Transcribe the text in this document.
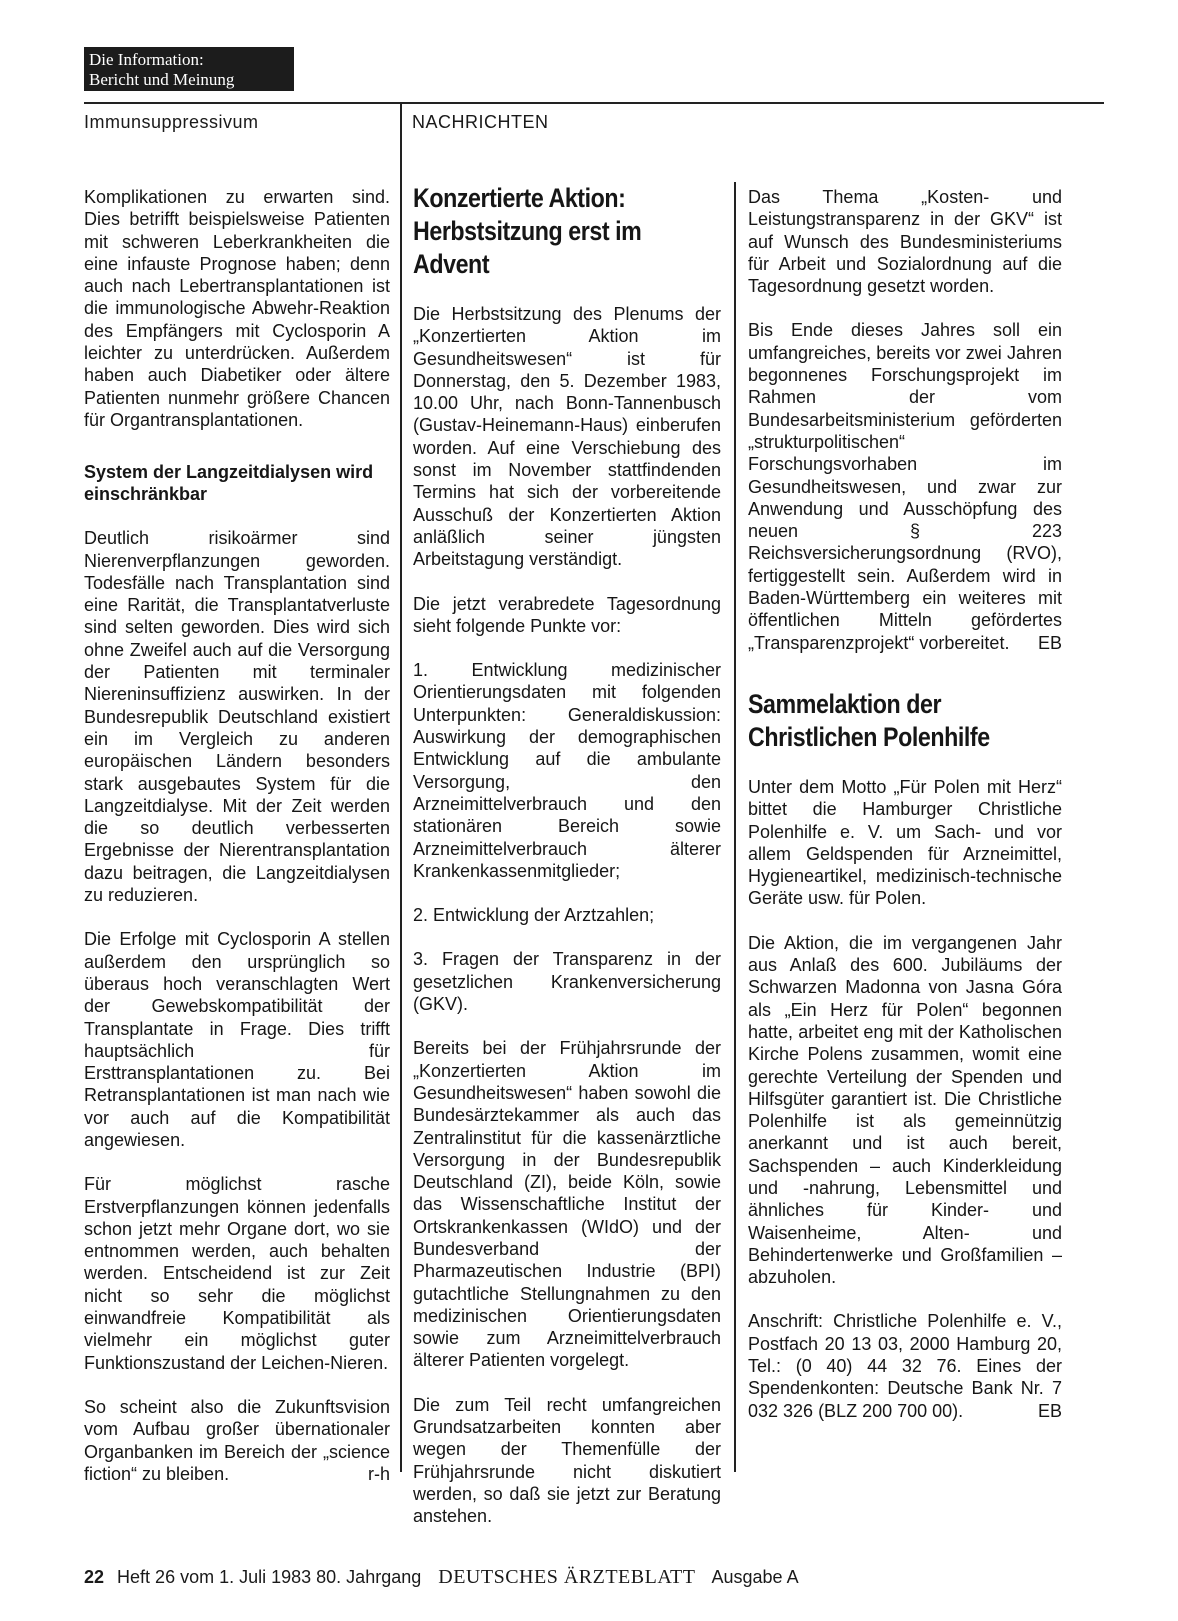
Die Information:
Bericht und Meinung
Immunsuppressivum	NACHRICHTEN

Komplikationen zu erwarten sind. Dies betrifft beispielsweise Patienten mit schweren Leberkrankheiten die eine infauste Prognose haben; denn auch nach Lebertransplantationen ist die immunologische Abwehr-Reaktion des Empfängers mit Cyclosporin A leichter zu unterdrücken. Außerdem haben auch Diabetiker oder ältere Patienten nunmehr größere Chancen für Organtransplantationen.

System der Langzeitdialysen wird einschränkbar

Deutlich risikoärmer sind Nierenverpflanzungen geworden. Todesfälle nach Transplantation sind eine Rarität, die Transplantatverluste sind selten geworden. Dies wird sich ohne Zweifel auch auf die Versorgung der Patienten mit terminaler Niereninsuffizienz auswirken. In der Bundesrepublik Deutschland existiert ein im Vergleich zu anderen europäischen Ländern besonders stark ausgebautes System für die Langzeitdialyse. Mit der Zeit werden die so deutlich verbesserten Ergebnisse der Nierentransplantation dazu beitragen, die Langzeitdialysen zu reduzieren.

Die Erfolge mit Cyclosporin A stellen außerdem den ursprünglich so überaus hoch veranschlagten Wert der Gewebskompatibilität der Transplantate in Frage. Dies trifft hauptsächlich für Ersttransplantationen zu. Bei Retransplantationen ist man nach wie vor auch auf die Kompatibilität angewiesen.

Für möglichst rasche Erstverpflanzungen können jedenfalls schon jetzt mehr Organe dort, wo sie entnommen werden, auch behalten werden. Entscheidend ist zur Zeit nicht so sehr die möglichst einwandfreie Kompatibilität als vielmehr ein möglichst guter Funktionszustand der Leichen-Nieren.

So scheint also die Zukunftsvision vom Aufbau großer übernationaler Organbanken im Bereich der „science fiction“ zu bleiben.	r-h

Konzertierte Aktion: Herbstsitzung erst im Advent

Die Herbstsitzung des Plenums der „Konzertierten Aktion im Gesundheitswesen“ ist für Donnerstag, den 5. Dezember 1983, 10.00 Uhr, nach Bonn-Tannenbusch (Gustav-Heinemann-Haus) einberufen worden. Auf eine Verschiebung des sonst im November stattfindenden Termins hat sich der vorbereitende Ausschuß der Konzertierten Aktion anläßlich seiner jüngsten Arbeitstagung verständigt.

Die jetzt verabredete Tagesordnung sieht folgende Punkte vor:

1. Entwicklung medizinischer Orientierungsdaten mit folgenden Unterpunkten: Generaldiskussion: Auswirkung der demographischen Entwicklung auf die ambulante Versorgung, den Arzneimittelverbrauch und den stationären Bereich sowie Arzneimittelverbrauch älterer Krankenkassenmitglieder;

2. Entwicklung der Arztzahlen;

3. Fragen der Transparenz in der gesetzlichen Krankenversicherung (GKV).

Bereits bei der Frühjahrsrunde der „Konzertierten Aktion im Gesundheitswesen“ haben sowohl die Bundesärztekammer als auch das Zentralinstitut für die kassenärztliche Versorgung in der Bundesrepublik Deutschland (ZI), beide Köln, sowie das Wissenschaftliche Institut der Ortskrankenkassen (WIdO) und der Bundesverband der Pharmazeutischen Industrie (BPI) gutachtliche Stellungnahmen zu den medizinischen Orientierungsdaten sowie zum Arzneimittelverbrauch älterer Patienten vorgelegt.

Die zum Teil recht umfangreichen Grundsatzarbeiten konnten aber wegen der Themenfülle der Frühjahrsrunde nicht diskutiert werden, so daß sie jetzt zur Beratung anstehen.

Das Thema „Kosten- und Leistungstransparenz in der GKV“ ist auf Wunsch des Bundesministeriums für Arbeit und Sozialordnung auf die Tagesordnung gesetzt worden.

Bis Ende dieses Jahres soll ein umfangreiches, bereits vor zwei Jahren begonnenes Forschungsprojekt im Rahmen der vom Bundesarbeitsministerium geförderten „strukturpolitischen“ Forschungsvorhaben im Gesundheitswesen, und zwar zur Anwendung und Ausschöpfung des neuen § 223 Reichsversicherungsordnung (RVO), fertiggestellt sein. Außerdem wird in Baden-Württemberg ein weiteres mit öffentlichen Mitteln gefördertes „Transparenzprojekt“ vorbereitet. EB

Sammelaktion der Christlichen Polenhilfe

Unter dem Motto „Für Polen mit Herz“ bittet die Hamburger Christliche Polenhilfe e. V. um Sach- und vor allem Geldspenden für Arzneimittel, Hygieneartikel, medizinisch-technische Geräte usw. für Polen.

Die Aktion, die im vergangenen Jahr aus Anlaß des 600. Jubiläums der Schwarzen Madonna von Jasna Góra als „Ein Herz für Polen“ begonnen hatte, arbeitet eng mit der Katholischen Kirche Polens zusammen, womit eine gerechte Verteilung der Spenden und Hilfsgüter garantiert ist. Die Christliche Polenhilfe ist als gemeinnützig anerkannt und ist auch bereit, Sachspenden – auch Kinderkleidung und -nahrung, Lebensmittel und ähnliches für Kinder- und Waisenheime, Alten- und Behindertenwerke und Großfamilien – abzuholen.

Anschrift: Christliche Polenhilfe e. V., Postfach 20 13 03, 2000 Hamburg 20, Tel.: (0 40) 44 32 76. Eines der Spendenkonten: Deutsche Bank Nr. 7 032 326 (BLZ 200 700 00).	EB

22 Heft 26 vom 1. Juli 1983 80. Jahrgang DEUTSCHES ÄRZTEBLATT Ausgabe A
